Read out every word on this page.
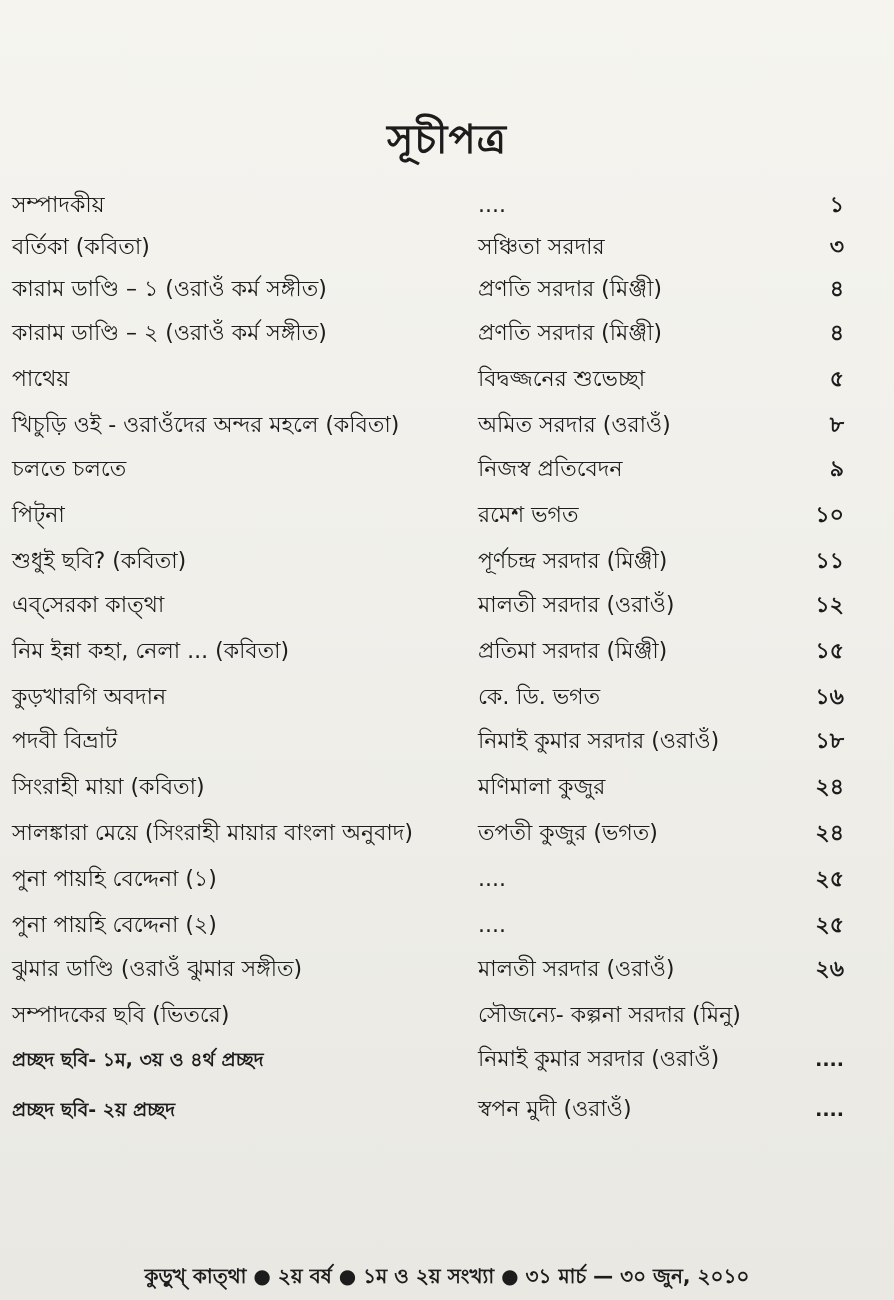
সূচীপত্র
সম্পাদকীয়	....	১
বর্তিকা (কবিতা)	সঞ্চিতা সরদার	৩
কারাম ডাণ্ডি – ১ (ওরাওঁ কর্ম সঙ্গীত)	প্রণতি সরদার (মিঞ্জী)	৪
কারাম ডাণ্ডি – ২ (ওরাওঁ কর্ম সঙ্গীত)	প্রণতি সরদার (মিঞ্জী)	৪
পাথেয়	বিদ্বজ্জনের শুভেচ্ছা	৫
খিচুড়ি ওই - ওরাওঁদের অন্দর মহলে (কবিতা)	অমিত সরদার (ওরাওঁ)	৮
চলতে চলতে	নিজস্ব প্রতিবেদন	৯
পিট্না	রমেশ ভগত	১০
শুধুই ছবি? (কবিতা)	পূর্ণচন্দ্র সরদার (মিঞ্জী)	১১
এব্‌সেরকা কাত্‌থা	মালতী সরদার (ওরাওঁ)	১২
নিম ইন্না কহা, নেলা ... (কবিতা)	প্রতিমা সরদার (মিঞ্জী)	১৫
কুড়খারগি অবদান	কে. ডি. ভগত	১৬
পদবী বিভ্রাট	নিমাই কুমার সরদার (ওরাওঁ)	১৮
সিংরাহী মায়া (কবিতা)	মণিমালা কুজুর	২৪
সালঙ্কারা মেয়ে (সিংরাহী মায়ার বাংলা অনুবাদ)	তপতী কুজুর (ভগত)	২৪
পুনা পায়হি বেদ্দেনা (১)	....	২৫
পুনা পায়হি বেদ্দেনা (২)	....	২৫
ঝুমার ডাণ্ডি (ওরাওঁ ঝুমার সঙ্গীত)	মালতী সরদার (ওরাওঁ)	২৬
সম্পাদকের ছবি (ভিতরে)	সৌজন্যে- কল্পনা সরদার (মিনু)
প্রচ্ছদ ছবি- ১ম, ৩য় ও ৪র্থ প্রচ্ছদ	নিমাই কুমার সরদার (ওরাওঁ)	....
প্রচ্ছদ ছবি- ২য় প্রচ্ছদ	স্বপন মুদী (ওরাওঁ)	....
কুড়ুখ্‌ কাত্‌থা ● ২য় বর্ষ ● ১ম ও ২য় সংখ্যা ● ৩১ মার্চ — ৩০ জুন, ২০১০
